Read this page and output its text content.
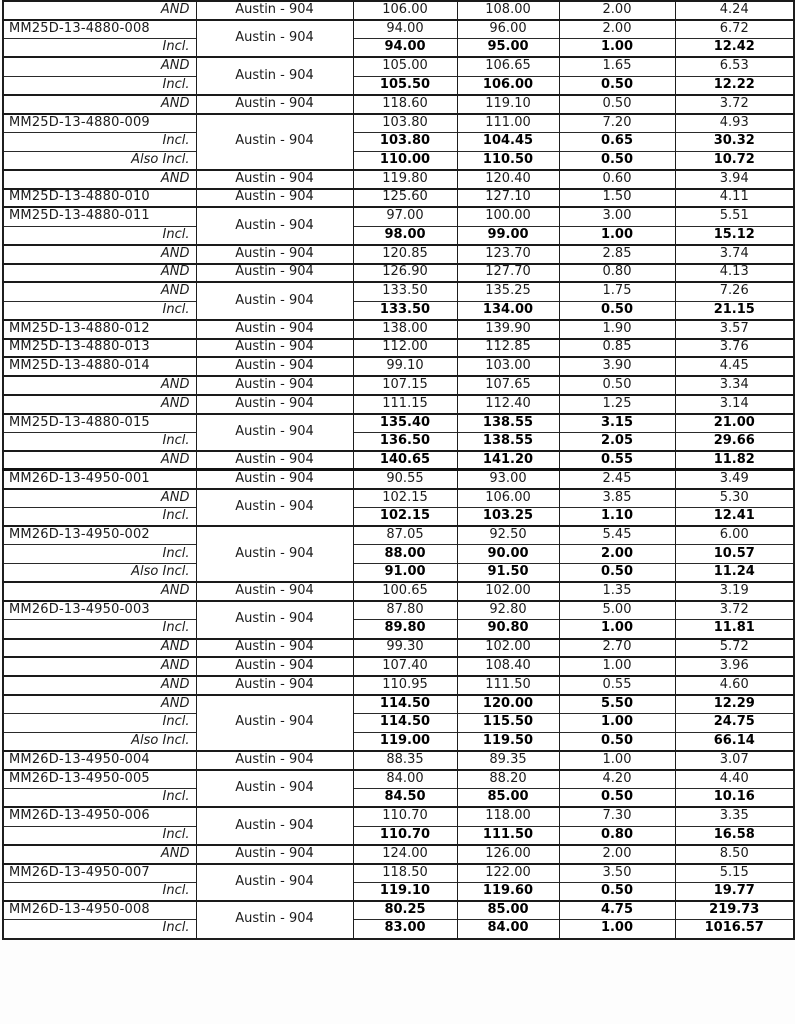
AND	Austin - 904	106.00	108.00	2.00	4.24
MM25D-13-4880-008	Austin - 904	94.00	96.00	2.00	6.72
Incl.		94.00	95.00	1.00	12.42
AND	Austin - 904	105.00	106.65	1.65	6.53
Incl.		105.50	106.00	0.50	12.22
AND	Austin - 904	118.60	119.10	0.50	3.72
MM25D-13-4880-009	Austin - 904	103.80	111.00	7.20	4.93
Incl.		103.80	104.45	0.65	30.32
Also Incl.		110.00	110.50	0.50	10.72
AND	Austin - 904	119.80	120.40	0.60	3.94
MM25D-13-4880-010	Austin - 904	125.60	127.10	1.50	4.11
MM25D-13-4880-011	Austin - 904	97.00	100.00	3.00	5.51
Incl.		98.00	99.00	1.00	15.12
AND	Austin - 904	120.85	123.70	2.85	3.74
AND	Austin - 904	126.90	127.70	0.80	4.13
AND	Austin - 904	133.50	135.25	1.75	7.26
Incl.		133.50	134.00	0.50	21.15
MM25D-13-4880-012	Austin - 904	138.00	139.90	1.90	3.57
MM25D-13-4880-013	Austin - 904	112.00	112.85	0.85	3.76
MM25D-13-4880-014	Austin - 904	99.10	103.00	3.90	4.45
AND	Austin - 904	107.15	107.65	0.50	3.34
AND	Austin - 904	111.15	112.40	1.25	3.14
MM25D-13-4880-015	Austin - 904	135.40	138.55	3.15	21.00
Incl.		136.50	138.55	2.05	29.66
AND	Austin - 904	140.65	141.20	0.55	11.82
MM26D-13-4950-001	Austin - 904	90.55	93.00	2.45	3.49
AND	Austin - 904	102.15	106.00	3.85	5.30
Incl.		102.15	103.25	1.10	12.41
MM26D-13-4950-002	Austin - 904	87.05	92.50	5.45	6.00
Incl.		88.00	90.00	2.00	10.57
Also Incl.		91.00	91.50	0.50	11.24
AND	Austin - 904	100.65	102.00	1.35	3.19
MM26D-13-4950-003	Austin - 904	87.80	92.80	5.00	3.72
Incl.		89.80	90.80	1.00	11.81
AND	Austin - 904	99.30	102.00	2.70	5.72
AND	Austin - 904	107.40	108.40	1.00	3.96
AND	Austin - 904	110.95	111.50	0.55	4.60
AND	Austin - 904	114.50	120.00	5.50	12.29
Incl.		114.50	115.50	1.00	24.75
Also Incl.		119.00	119.50	0.50	66.14
MM26D-13-4950-004	Austin - 904	88.35	89.35	1.00	3.07
MM26D-13-4950-005	Austin - 904	84.00	88.20	4.20	4.40
Incl.		84.50	85.00	0.50	10.16
MM26D-13-4950-006	Austin - 904	110.70	118.00	7.30	3.35
Incl.		110.70	111.50	0.80	16.58
AND	Austin - 904	124.00	126.00	2.00	8.50
MM26D-13-4950-007	Austin - 904	118.50	122.00	3.50	5.15
Incl.		119.10	119.60	0.50	19.77
MM26D-13-4950-008	Austin - 904	80.25	85.00	4.75	219.73
Incl.		83.00	84.00	1.00	1016.57
